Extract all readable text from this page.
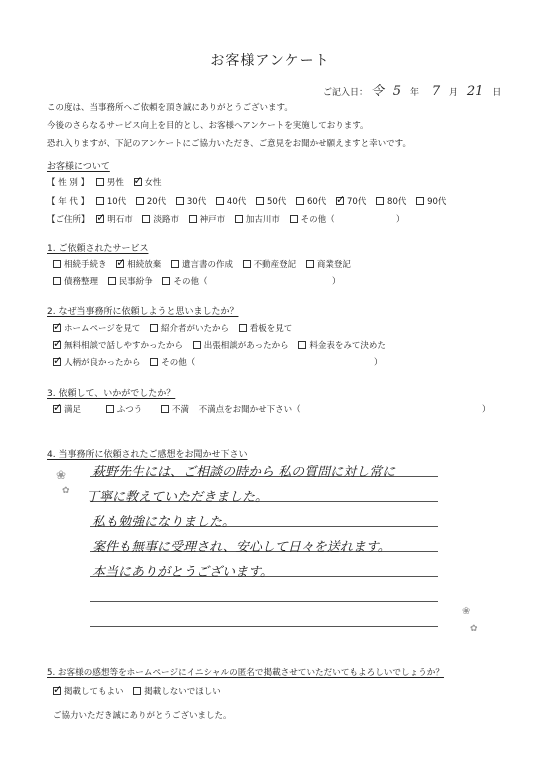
お客様アンケート
ご記入日： 令 5 年 7 月 21 日
この度は、当事務所へご依頼を頂き誠にありがとうございます。
今後のさらなるサービス向上を目的とし、お客様へアンケートを実施しております。
恐れ入りますが、下記のアンケートにご協力いただき、ご意見をお聞かせ願えますと幸いです。
お客様について
【 性 別 】 男性 ✓ 女性
【 年 代 】 10代 20代 30代 40代 50代 60代 ✓ 70代 80代 90代
【ご住所】 ✓ 明石市 淡路市 神戸市 加古川市 その他（	）
1. ご依頼されたサービス
相続手続き ✓ 相続放棄 遺言書の作成 不動産登記 商業登記
債務整理 民事紛争 その他（	）
2. なぜ当事務所に依頼しようと思いましたか？
✓ホームページを見て 紹介者がいたから 看板を見て
✓無料相談で話しやすかったから 出張相談があったから 料金表をみて決めた
✓人柄が良かったから その他（	）
3. 依頼して、いかがでしたか？
✓満足	ふつう	不満 不満点をお聞かせ下さい（	）
4. 当事務所に依頼されたご感想をお聞かせ下さい
萩野先生には、ご相談の時から 私の質問に対し常に
丁寧に教えていただきました。
私も勉強になりました。
案件も無事に受理され、安心して日々を送れます。
本当にありがとうございます。
❀
✿
❀
✿
5. お客様の感想等をホームページにイニシャルの匿名で掲載させていただいてもよろしいでしょうか？
✓掲載してもよい 掲載しないでほしい
ご協力いただき誠にありがとうございました。
